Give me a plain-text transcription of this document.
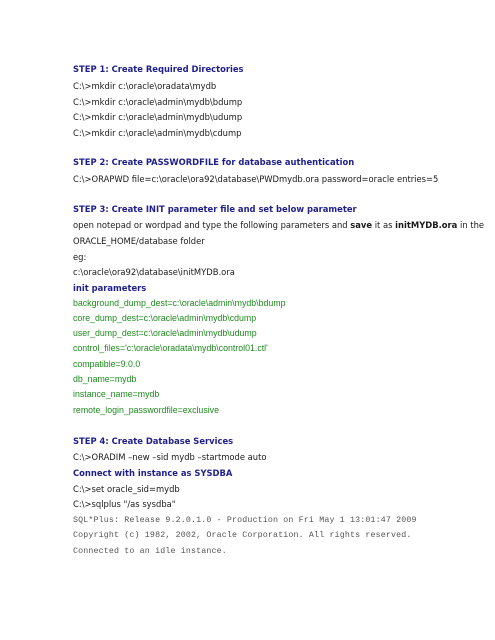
STEP 1: Create Required Directories
C:\>mkdir c:\oracle\oradata\mydb
C:\>mkdir c:\oracle\admin\mydb\bdump
C:\>mkdir c:\oracle\admin\mydb\udump
C:\>mkdir c:\oracle\admin\mydb\cdump
STEP 2: Create PASSWORDFILE for database authentication
C:\>ORAPWD file=c:\oracle\ora92\database\PWDmydb.ora password=oracle entries=5
STEP 3: Create INIT parameter file and set below parameter
open notepad or wordpad and type the following parameters and save it as initMYDB.ora in the
ORACLE_HOME/database folder
eg:
c:\oracle\ora92\database\initMYDB.ora
init parameters
background_dump_dest=c:\oracle\admin\mydb\bdump
core_dump_dest=c:\oracle\admin\mydb\cdump
user_dump_dest=c:\oracle\admin\mydb\udump
control_files='c:\oracle\oradata\mydb\control01.ctl'
compatible=9.0.0
db_name=mydb
instance_name=mydb
remote_login_passwordfile=exclusive
STEP 4: Create Database Services
C:\>ORADIM –new –sid mydb –startmode auto
Connect with instance as SYSDBA
C:\>set oracle_sid=mydb
C:\>sqlplus "/as sysdba"
SQL*Plus: Release 9.2.0.1.0 - Production on Fri May 1 13:01:47 2009
Copyright (c) 1982, 2002, Oracle Corporation. All rights reserved.
Connected to an idle instance.
